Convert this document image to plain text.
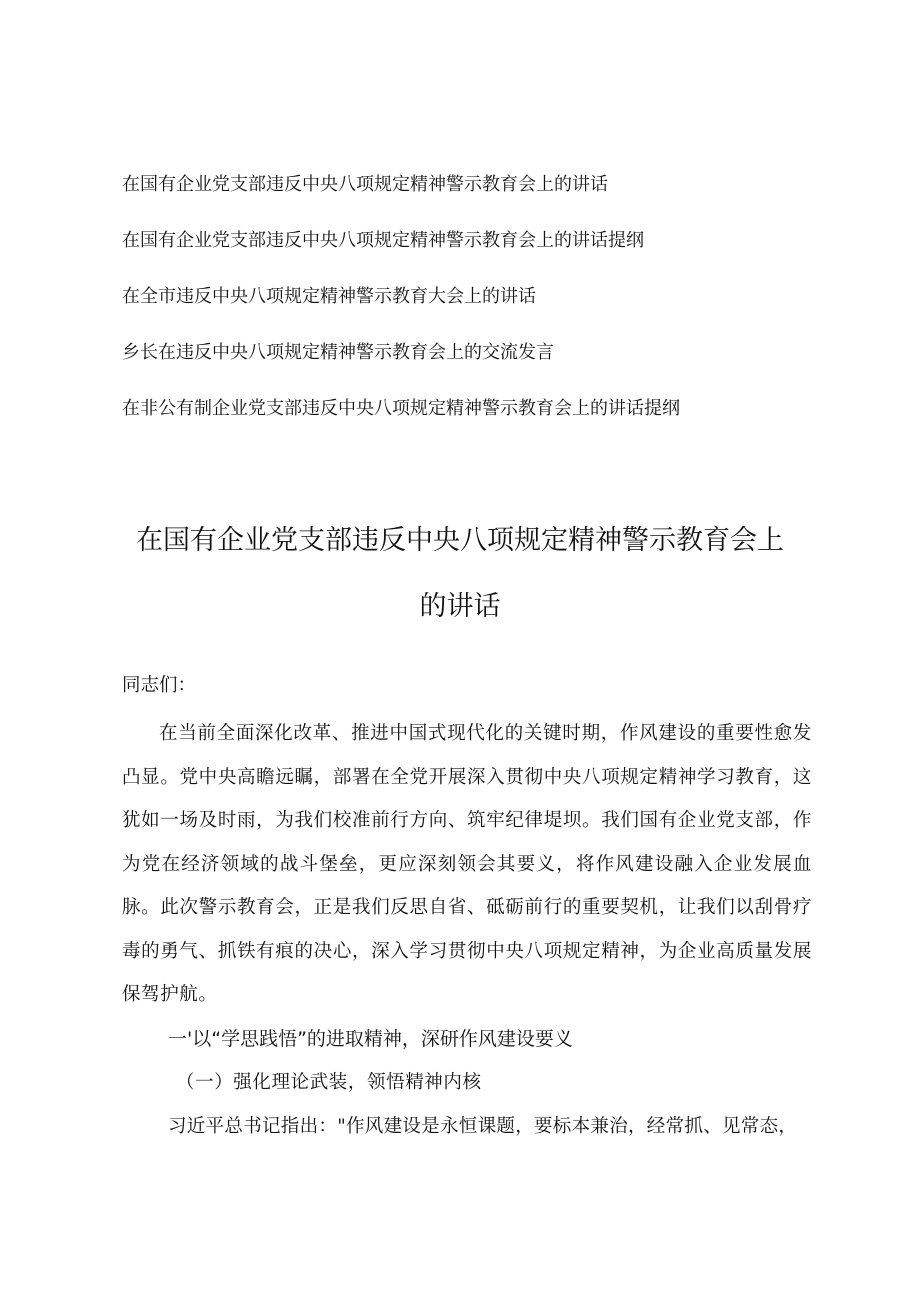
在国有企业党支部违反中央八项规定精神警示教育会上的讲话
在国有企业党支部违反中央八项规定精神警示教育会上的讲话提纲
在全市违反中央八项规定精神警示教育大会上的讲话
乡长在违反中央八项规定精神警示教育会上的交流发言
在非公有制企业党支部违反中央八项规定精神警示教育会上的讲话提纲
在国有企业党支部违反中央八项规定精神警示教育会上
的讲话

同志们：

在当前全面深化改革、推进中国式现代化的关键时期，作风建设的重要性愈发凸显。党中央高瞻远瞩，部署在全党开展深入贯彻中央八项规定精神学习教育，这犹如一场及时雨，为我们校准前行方向、筑牢纪律堤坝。我们国有企业党支部，作为党在经济领域的战斗堡垒，更应深刻领会其要义，将作风建设融入企业发展血脉。此次警示教育会，正是我们反思自省、砥砺前行的重要契机，让我们以刮骨疗毒的勇气、抓铁有痕的决心，深入学习贯彻中央八项规定精神，为企业高质量发展保驾护航。

一'以“学思践悟”的进取精神，深研作风建设要义

（一）强化理论武装，领悟精神内核

习近平总书记指出："作风建设是永恒课题，要标本兼治，经常抓、见常态，
